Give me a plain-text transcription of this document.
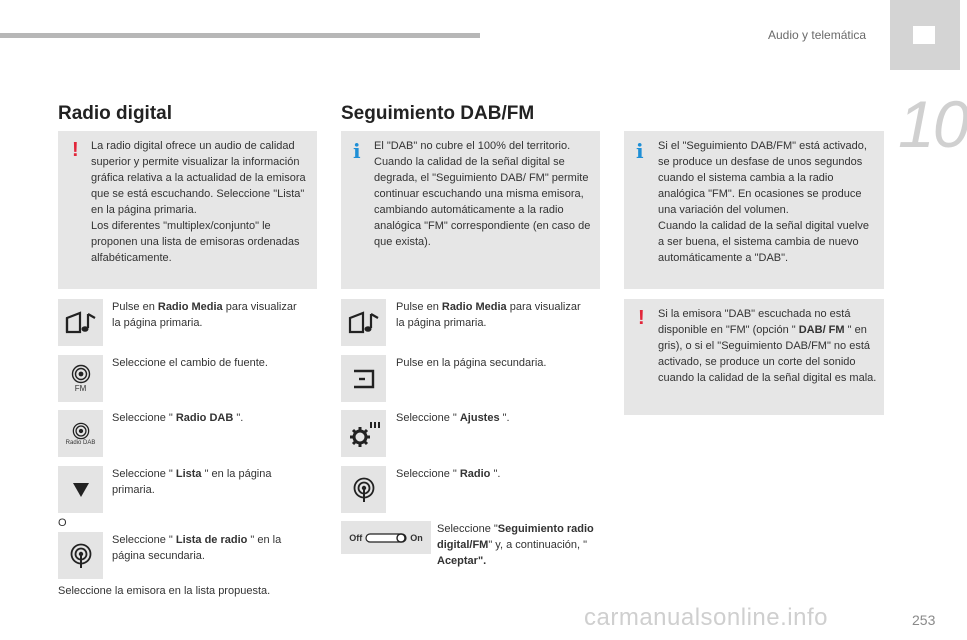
Audio y telemática
10
Radio digital
! La radio digital ofrece un audio de calidad superior y permite visualizar la información gráfica relativa a la actualidad de la emisora que se está escuchando. Seleccione "Lista" en la página primaria.
Los diferentes "multiplex/conjunto" le proponen una lista de emisoras ordenadas alfabéticamente.
Pulse en Radio Media para visualizar la página primaria.
FM
Seleccione el cambio de fuente.
Radio DAB
Seleccione " Radio DAB ".
Seleccione " Lista " en la página primaria.
O
Seleccione " Lista de radio " en la página secundaria.
Seleccione la emisora en la lista propuesta.
Seguimiento DAB/FM
i El "DAB" no cubre el 100% del territorio.
Cuando la calidad de la señal digital se degrada, el "Seguimiento DAB/ FM" permite continuar escuchando una misma emisora, cambiando automáticamente a la radio analógica "FM" correspondiente (en caso de que exista).
Pulse en Radio Media para visualizar la página primaria.
Pulse en la página secundaria.
Seleccione " Ajustes ".
Seleccione " Radio ".
Off	On
Seleccione "Seguimiento radio digital/FM" y, a continuación, " Aceptar".
i Si el "Seguimiento DAB/FM" está activado, se produce un desfase de unos segundos cuando el sistema cambia a la radio analógica "FM". En ocasiones se produce una variación del volumen.
Cuando la calidad de la señal digital vuelve a ser buena, el sistema cambia de nuevo automáticamente a "DAB".
! Si la emisora "DAB" escuchada no está disponible en "FM" (opción " DAB/ FM " en gris), o si el "Seguimiento DAB/FM" no está activado, se produce un corte del sonido cuando la calidad de la señal digital es mala.
carmanualsonline.info	253
